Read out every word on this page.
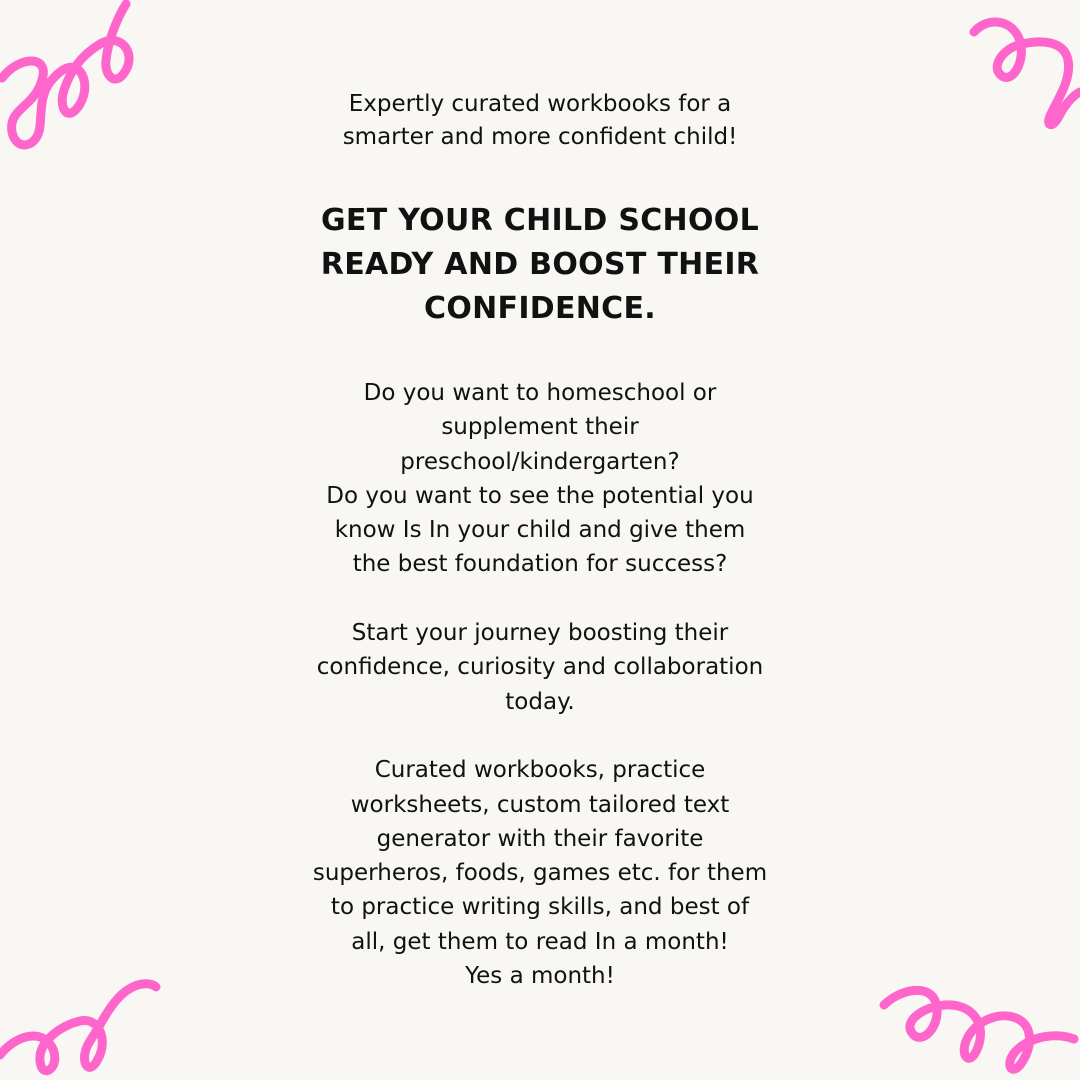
Expertly curated workbooks for a
smarter and more confident child!
GET YOUR CHILD SCHOOL
READY AND BOOST THEIR
CONFIDENCE.
Do you want to homeschool or
supplement their
preschool/kindergarten?
Do you want to see the potential you
know Is In your child and give them
the best foundation for success?
Start your journey boosting their
confidence, curiosity and collaboration
today.
Curated workbooks, practice
worksheets, custom tailored text
generator with their favorite
superheros, foods, games etc. for them
to practice writing skills, and best of
all, get them to read In a month!
Yes a month!
